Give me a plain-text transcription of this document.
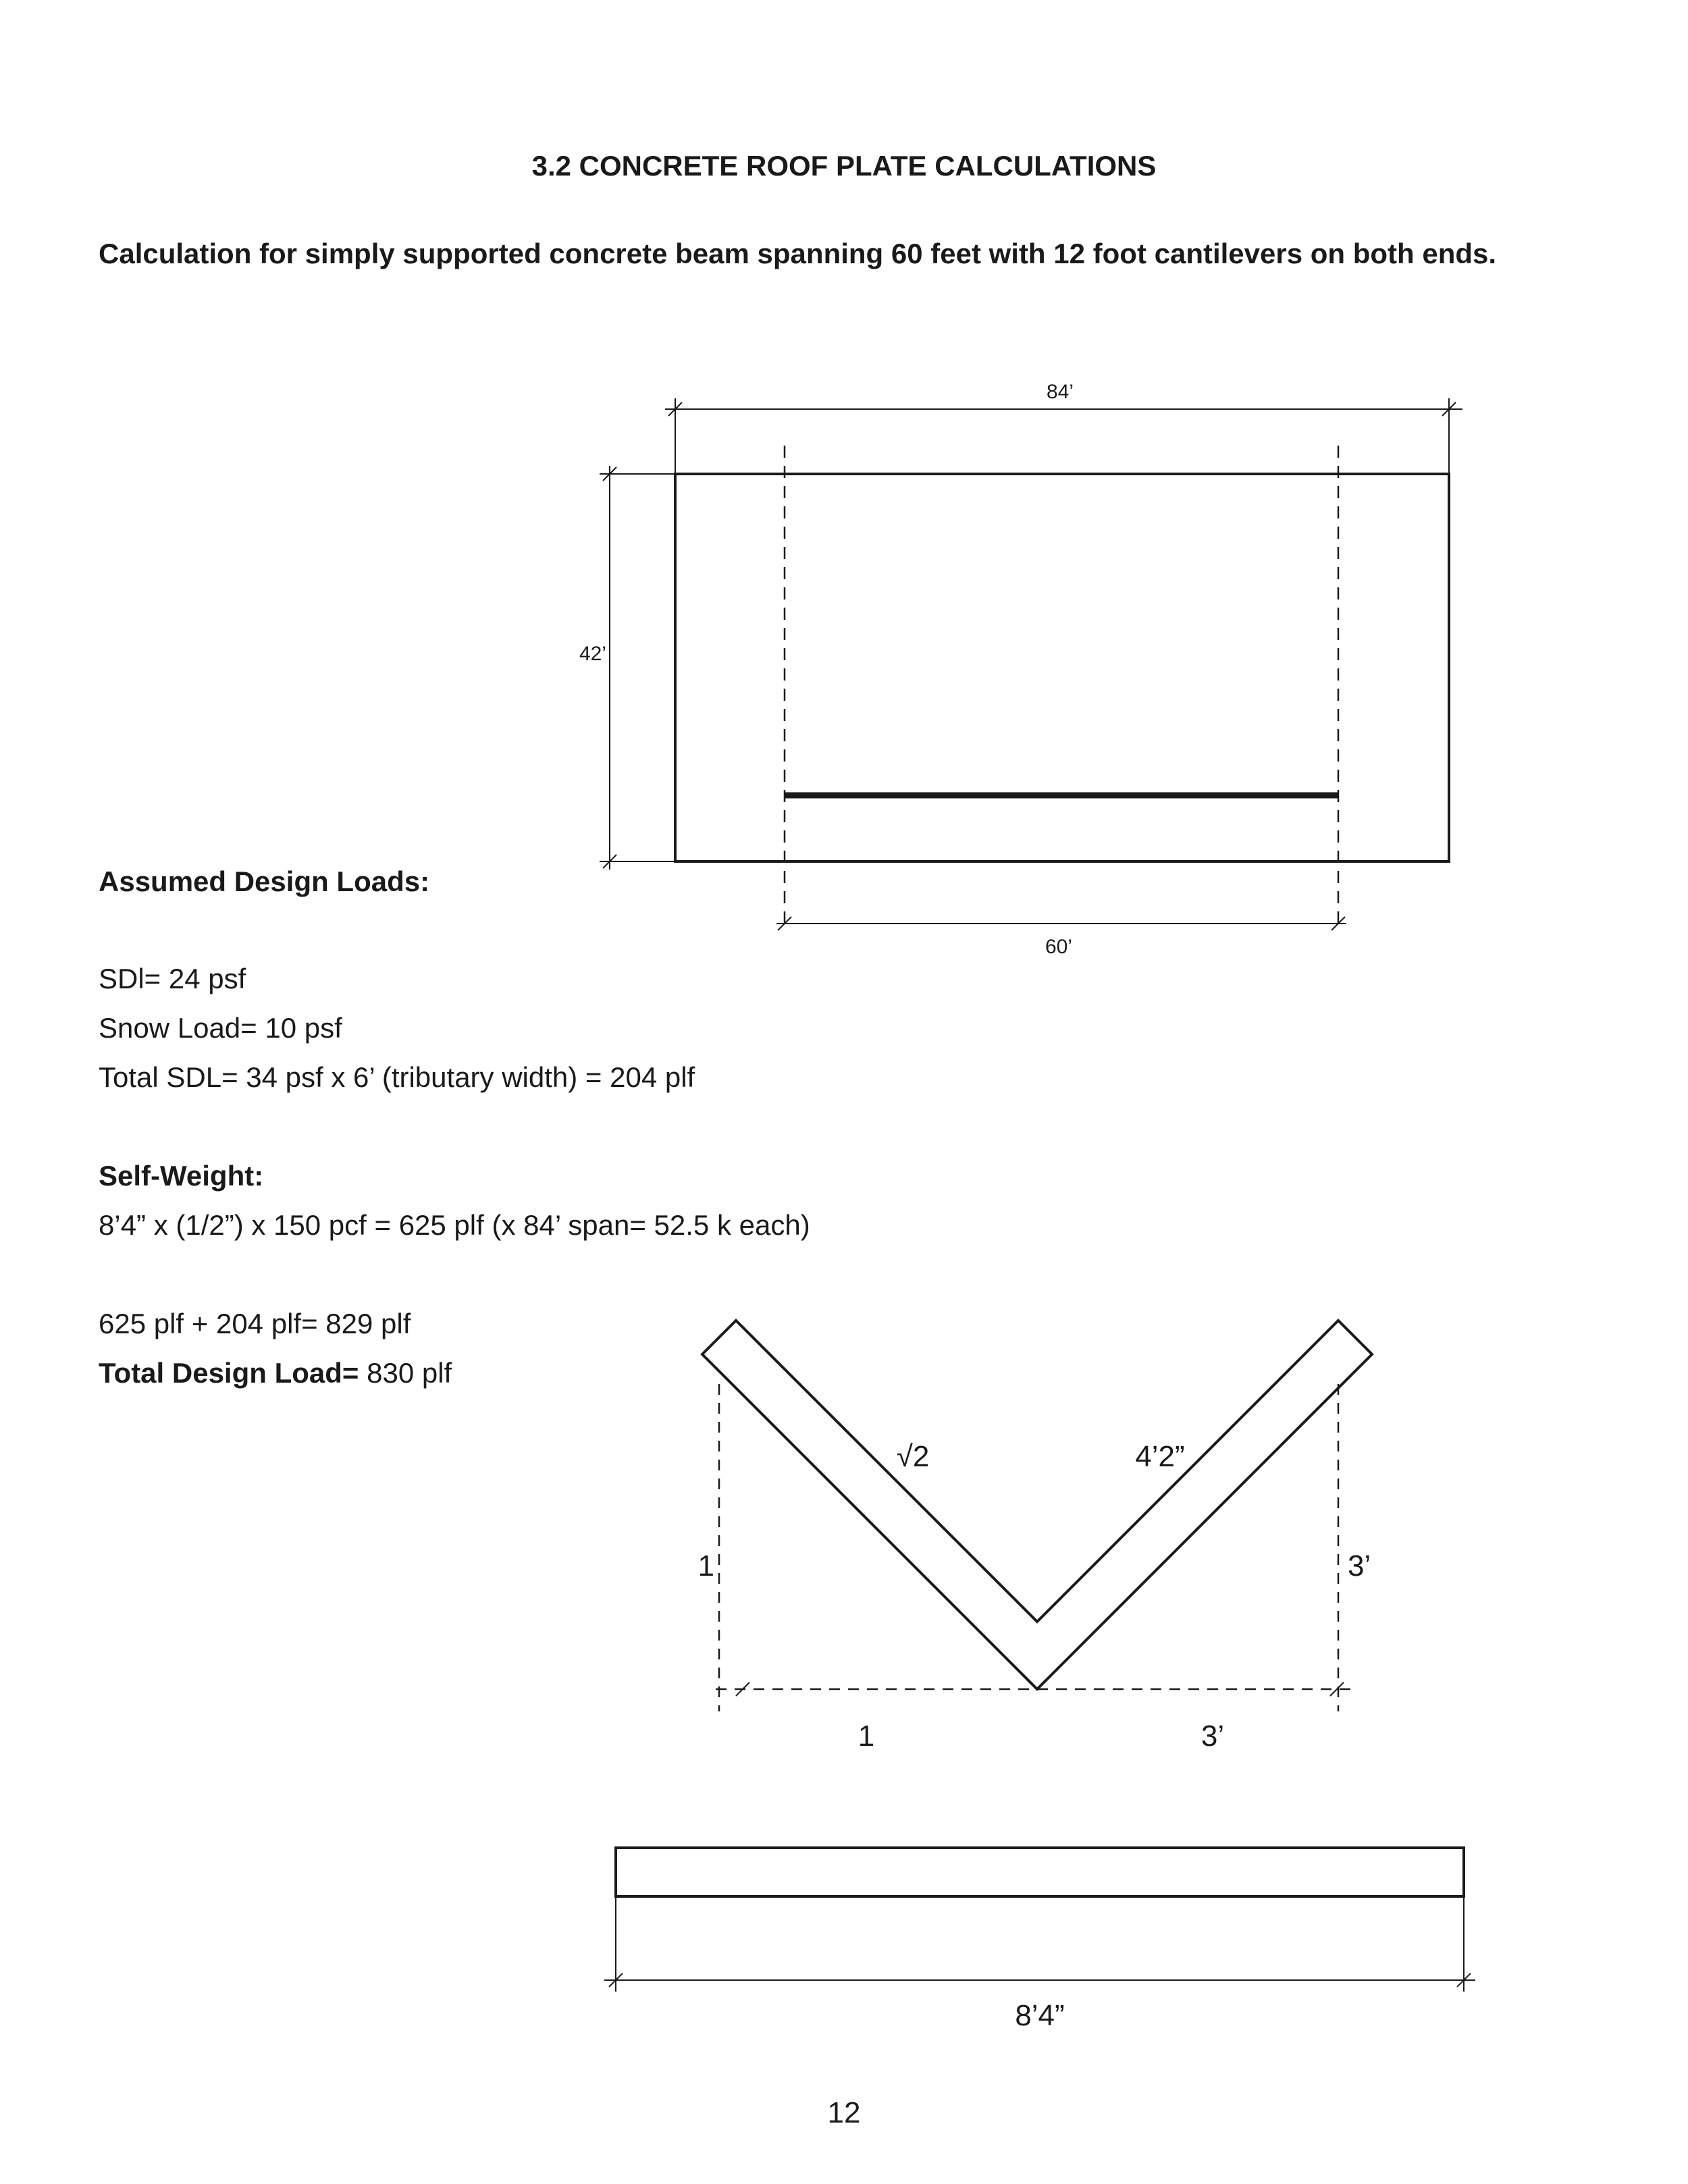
3.2 CONCRETE ROOF PLATE CALCULATIONS
Calculation for simply supported concrete beam spanning 60 feet with 12 foot cantilevers on both ends.
Assumed Design Loads:
SDl= 24 psf
Snow Load= 10 psf
Total SDL= 34 psf x 6’ (tributary width) = 204 plf
Self-Weight:
8’4” x (1/2”) x 150 pcf = 625 plf (x 84’ span= 52.5 k each)
625 plf + 204 plf= 829 plf
Total Design Load= 830 plf
84’
42’
60’
√2	4’2”
1	3’
1	3’
8’4”
12
